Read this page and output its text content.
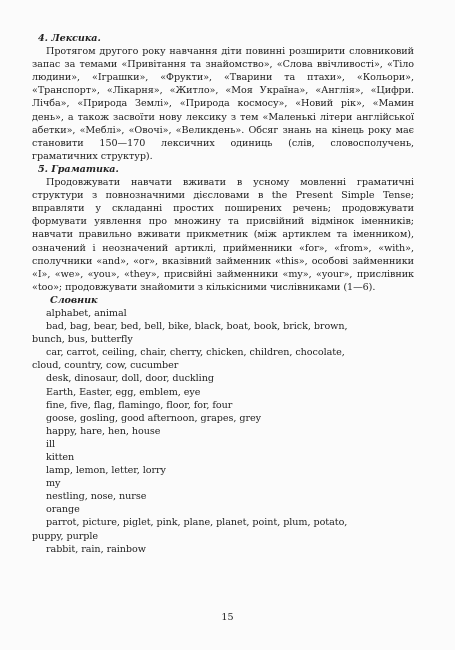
4. Лексика.

Протягом другого року навчання діти повинні розширити словниковий запас за темами «Привітання та знайомство», «Слова ввічливості», «Тіло людини», «Іграшки», «Фрукти», «Тварини та птахи», «Кольори», «Транспорт», «Лікарня», «Житло», «Моя Україна», «Англія», «Цифри. Лічба», «Природа Землі», «Природа космосу», «Новий рік», «Мамин день», а також засвоїти нову лексику з тем «Маленькі літери англійської абетки», «Меблі», «Овочі», «Великдень». Обсяг знань на кінець року має становити 150—170 лексичних одиниць (слів, словосполучень, граматичних структур).

5. Граматика.

Продовжувати навчати вживати в усному мовленні граматичні структури з повнозначними дієсловами в the Present Simple Tense; вправляти у складанні простих поширених речень; продовжувати формувати уявлення про множину та присвійний відмінок іменників; навчати правильно вживати прикметник (між артиклем та іменником), означений і неозначений артиклі, прийменники «for», «from», «with», сполучники «and», «or», вказівний займенник «this», особові займенники «I», «we», «you», «they», присвійні займенники «my», «your», прислівник «too»; продовжувати знайомити з кількісними числівниками (1—6).

Словник
alphabet, animal
bad, bag, bear, bed, bell, bike, black, boat, book, brick, brown,
bunch, bus, butterfly
car, carrot, ceiling, chair, cherry, chicken, children, chocolate,
cloud, country, cow, cucumber
desk, dinosaur, doll, door, duckling
Earth, Easter, egg, emblem, eye
fine, five, flag, flamingo, floor, for, four
goose, gosling, good afternoon, grapes, grey
happy, hare, hen, house
ill
kitten
lamp, lemon, letter, lorry
my
nestling, nose, nurse
orange
parrot, picture, piglet, pink, plane, planet, point, plum, potato,
puppy, purple
rabbit, rain, rainbow
15
